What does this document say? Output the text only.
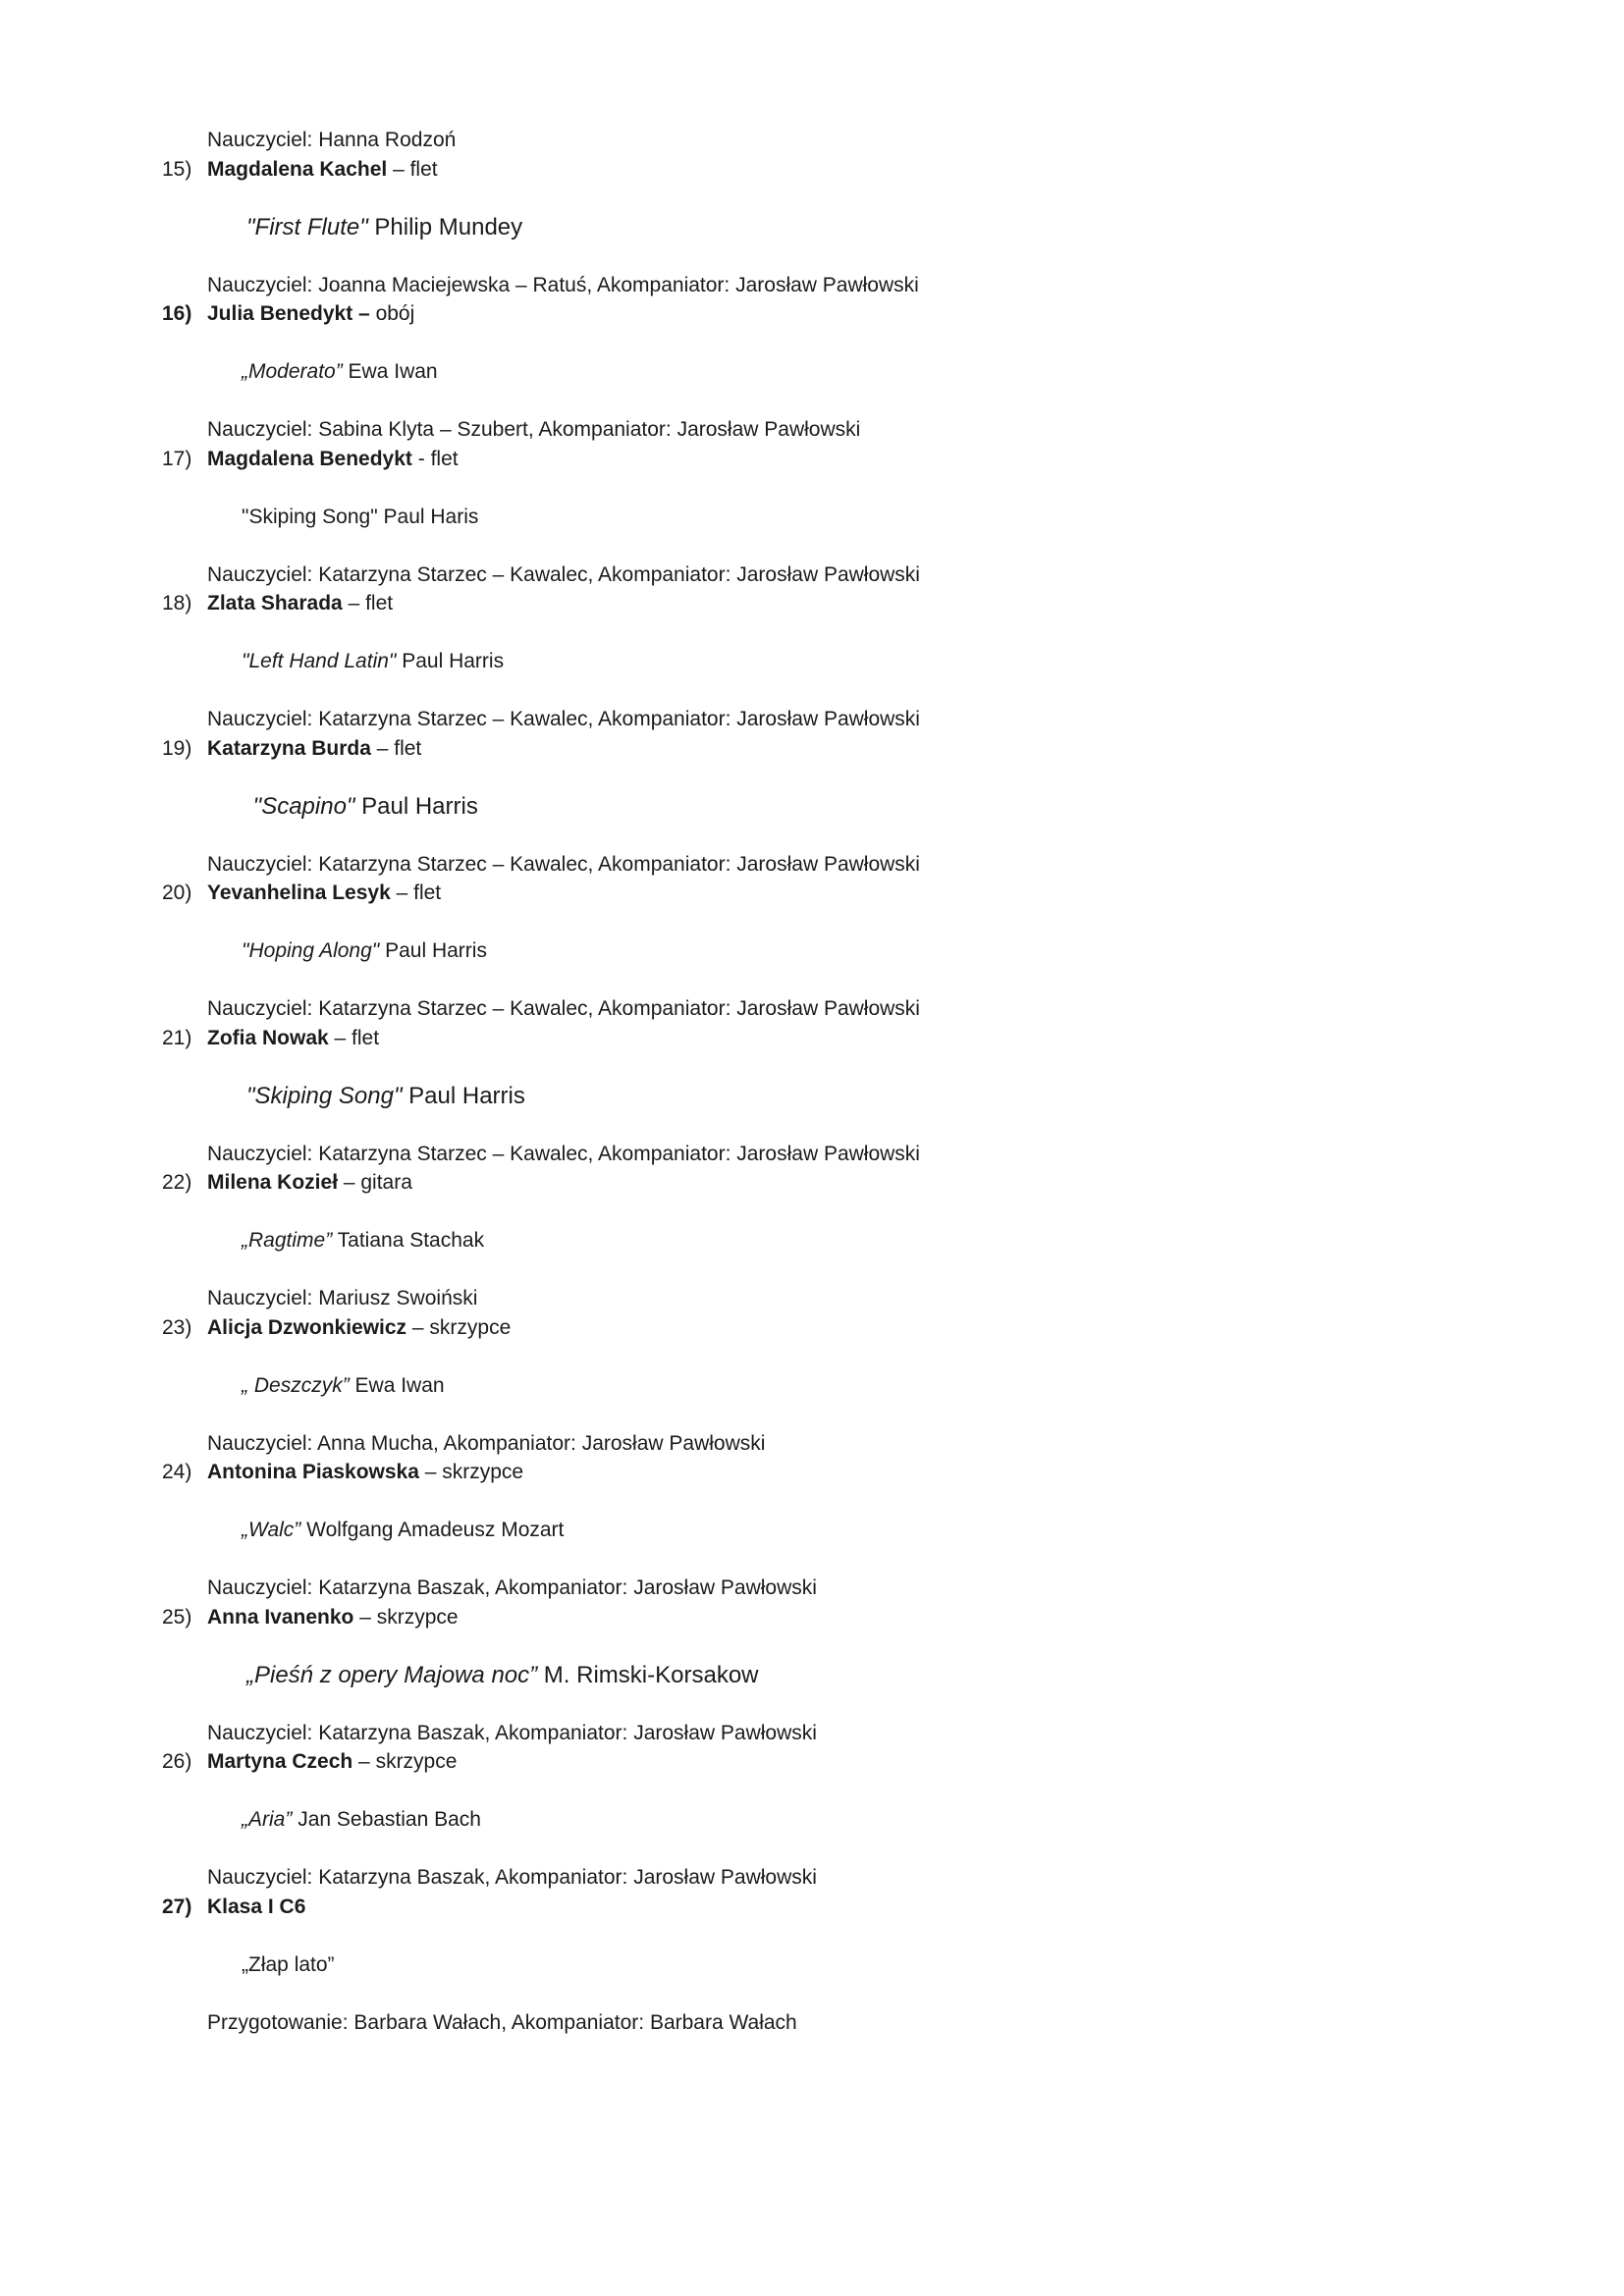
Nauczyciel: Hanna Rodzoń

15) Magdalena Kachel – flet

"First Flute" Philip Mundey

Nauczyciel: Joanna Maciejewska – Ratuś, Akompaniator: Jarosław Pawłowski

16) Julia Benedykt – obój

„Moderato” Ewa Iwan

Nauczyciel: Sabina Klyta – Szubert, Akompaniator: Jarosław Pawłowski

17) Magdalena Benedykt - flet

"Skiping Song" Paul Haris

Nauczyciel: Katarzyna Starzec – Kawalec, Akompaniator: Jarosław Pawłowski

18) Zlata Sharada – flet

"Left Hand Latin" Paul Harris

Nauczyciel: Katarzyna Starzec – Kawalec, Akompaniator: Jarosław Pawłowski

19) Katarzyna Burda – flet

"Scapino" Paul Harris

Nauczyciel: Katarzyna Starzec – Kawalec, Akompaniator: Jarosław Pawłowski

20) Yevanhelina Lesyk – flet

"Hoping Along" Paul Harris

Nauczyciel: Katarzyna Starzec – Kawalec, Akompaniator: Jarosław Pawłowski

21) Zofia Nowak – flet

"Skiping Song" Paul Harris

Nauczyciel: Katarzyna Starzec – Kawalec, Akompaniator: Jarosław Pawłowski

22) Milena Kozieł – gitara

„Ragtime” Tatiana Stachak

Nauczyciel: Mariusz Swoiński

23) Alicja Dzwonkiewicz – skrzypce

„ Deszczyk” Ewa Iwan

Nauczyciel: Anna Mucha, Akompaniator: Jarosław Pawłowski

24) Antonina Piaskowska – skrzypce

„Walc” Wolfgang Amadeusz Mozart

Nauczyciel: Katarzyna Baszak, Akompaniator: Jarosław Pawłowski

25) Anna Ivanenko – skrzypce

„Pieśń z opery Majowa noc” M. Rimski-Korsakow

Nauczyciel: Katarzyna Baszak, Akompaniator: Jarosław Pawłowski

26) Martyna Czech – skrzypce

„Aria” Jan Sebastian Bach

Nauczyciel: Katarzyna Baszak, Akompaniator: Jarosław Pawłowski

27) Klasa I C6

„Złap lato”

Przygotowanie: Barbara Wałach, Akompaniator: Barbara Wałach
